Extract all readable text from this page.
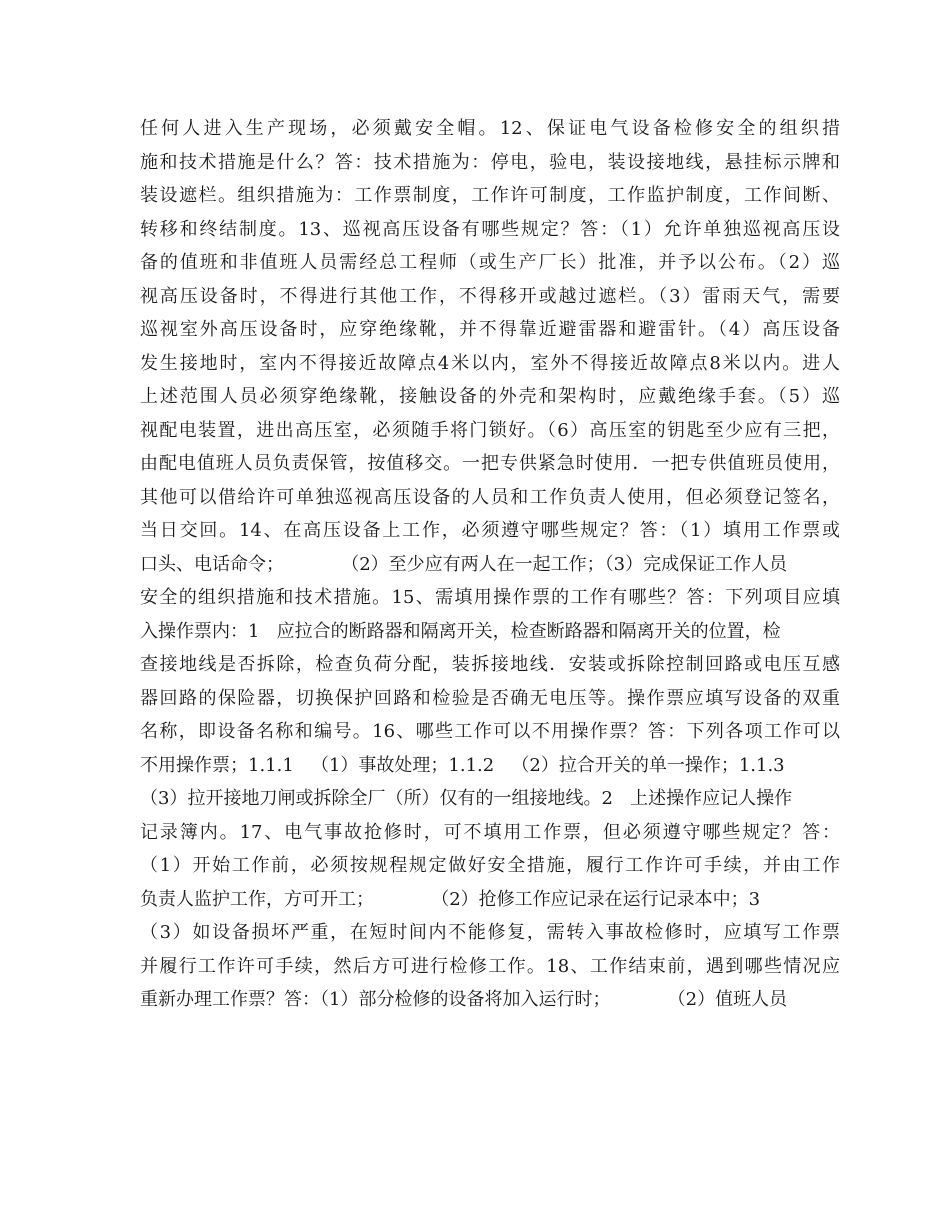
任何人进入生产现场，必须戴安全帽。12、保证电气设备检修安全的组织措
施和技术措施是什么？答：技术措施为：停电，验电，装设接地线，悬挂标示牌和
装设遮栏。组织措施为：工作票制度，工作许可制度，工作监护制度，工作间断、
转移和终结制度。13、巡视高压设备有哪些规定？答：（1）允许单独巡视高压设
备的值班和非值班人员需经总工程师（或生产厂长）批准，并予以公布。（2）巡
视高压设备时，不得进行其他工作，不得移开或越过遮栏。（3）雷雨天气，需要
巡视室外高压设备时，应穿绝缘靴，并不得靠近避雷器和避雷针。（4）高压设备
发生接地时，室内不得接近故障点4米以内，室外不得接近故障点8米以内。进人
上述范围人员必须穿绝缘靴，接触设备的外壳和架构时，应戴绝缘手套。（5）巡
视配电装置，进出高压室，必须随手将门锁好。（6）高压室的钥匙至少应有三把，
由配电值班人员负责保管，按值移交。一把专供紧急时使用．一把专供值班员使用，
其他可以借给许可单独巡视高压设备的人员和工作负责人使用，但必须登记签名，
当日交回。14、在高压设备上工作，必须遵守哪些规定？答：（1）填用工作票或
口头、电话命令；          （2）至少应有两人在一起工作；（3）完成保证工作人员
安全的组织措施和技术措施。15、需填用操作票的工作有哪些？答：下列项目应填
入操作票内：1   应拉合的断路器和隔离开关，检查断路器和隔离开关的位置，检
查接地线是否拆除，检查负荷分配，装拆接地线．安装或拆除控制回路或电压互感
器回路的保险器，切换保护回路和检验是否确无电压等。操作票应填写设备的双重
名称，即设备名称和编号。16、哪些工作可以不用操作票？答：下列各项工作可以
不用操作票；1.1.1   （1）事故处理；1.1.2   （2）拉合开关的单一操作；1.1.3
（3）拉开接地刀闸或拆除全厂（所）仅有的一组接地线。2   上述操作应记人操作
记录簿内。17、电气事故抢修时，可不填用工作票，但必须遵守哪些规定？答：
（1）开始工作前，必须按规程规定做好安全措施，履行工作许可手续，并由工作
负责人监护工作，方可开工；          （2）抢修工作应记录在运行记录本中；3
（3）如设备损坏严重，在短时间内不能修复，需转入事故检修时，应填写工作票
并履行工作许可手续，然后方可进行检修工作。18、工作结束前，遇到哪些情况应
重新办理工作票？答：（1）部分检修的设备将加入运行时；          （2）值班人员
